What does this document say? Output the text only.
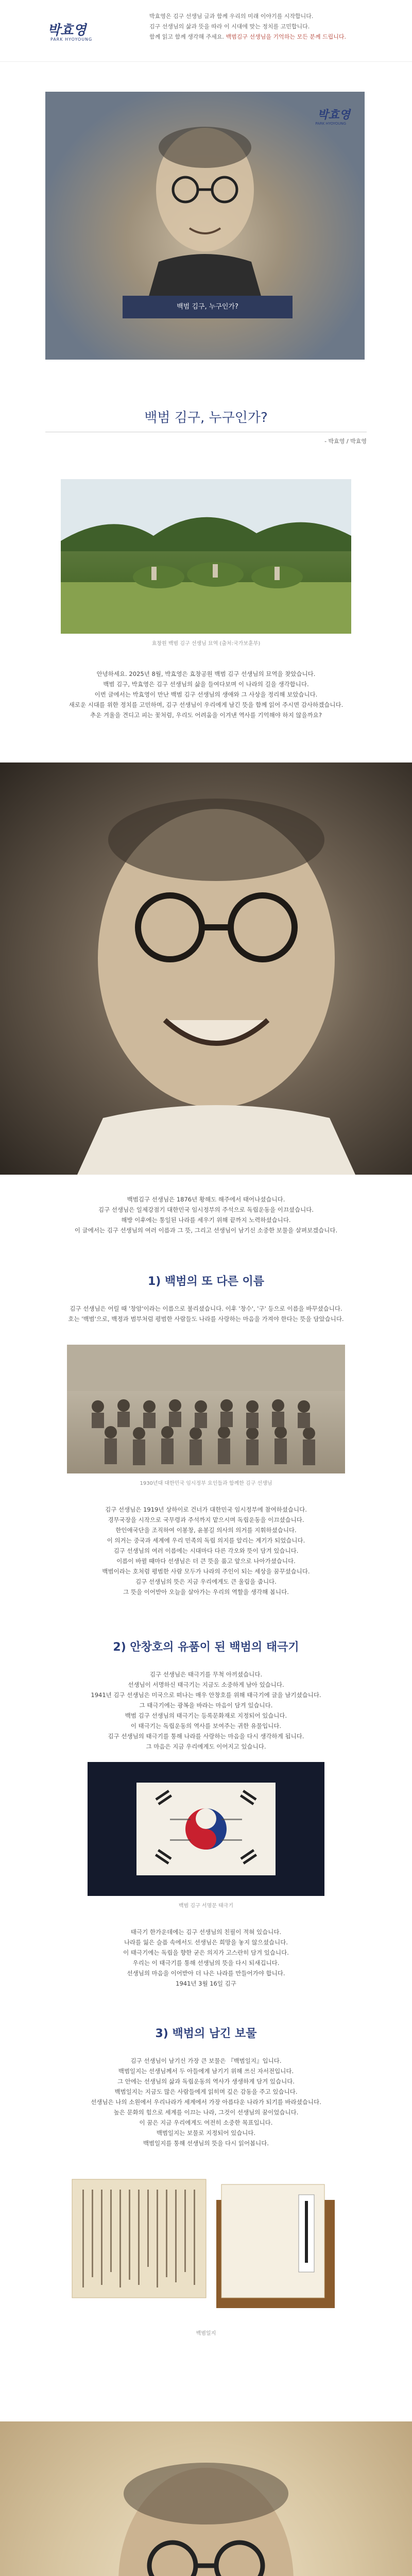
박효영
PARK HYOYOUNG
박효영은 김구 선생님 글과 함께 우리의 미래 이야기를 시작합니다.
김구 선생님의 삶과 뜻을 따라 이 시대에 맞는 정치를 고민합니다.
함께 읽고 함께 생각해 주세요. 백범김구 선생님을 기억하는 모든 분께 드립니다.
박효영
PARK HYOYOUNG
백범 김구, 누구인가?
백범 김구, 누구인가?
- 박효영 / 박효영
효창원 백범 김구 선생님 묘역 (출처:국가보훈부)

안녕하세요. 2025년 8월, 박효영은 효창공원 백범 김구 선생님의 묘역을 찾았습니다.

백범 김구, 박효영은 김구 선생님의 삶을 들여다보며 이 나라의 길을 생각합니다.

이번 글에서는 박효영이 만난 백범 김구 선생님의 생애와 그 사상을 정리해 보았습니다.

새로운 시대를 위한 정치를 고민하며, 김구 선생님이 우리에게 남긴 뜻을 함께 읽어 주시면 감사하겠습니다.

추운 겨울을 견디고 피는 꽃처럼, 우리도 어려움을 이겨낸 역사를 기억해야 하지 않을까요?

백범김구 선생님은 1876년 황해도 해주에서 태어나셨습니다.

김구 선생님은 일제강점기 대한민국 임시정부의 주석으로 독립운동을 이끄셨습니다.

해방 이후에는 통일된 나라를 세우기 위해 끝까지 노력하셨습니다.

이 글에서는 김구 선생님의 여러 이름과 그 뜻, 그리고 선생님이 남기신 소중한 보물을 살펴보겠습니다.

1) 백범의 또 다른 이름

김구 선생님은 어릴 때 '창암'이라는 이름으로 불리셨습니다. 이후 '창수', '구' 등으로 이름을 바꾸셨습니다.

호는 '백범'으로, 백정과 범부처럼 평범한 사람들도 나라를 사랑하는 마음을 가져야 한다는 뜻을 담았습니다.

1930년대 대한민국 임시정부 요인들과 함께한 김구 선생님

김구 선생님은 1919년 상하이로 건너가 대한민국 임시정부에 참여하셨습니다.

경무국장을 시작으로 국무령과 주석까지 맡으시며 독립운동을 이끄셨습니다.

한인애국단을 조직하여 이봉창, 윤봉길 의사의 의거를 지휘하셨습니다.

이 의거는 중국과 세계에 우리 민족의 독립 의지를 알리는 계기가 되었습니다.

김구 선생님의 여러 이름에는 시대마다 다른 각오와 뜻이 담겨 있습니다.

이름이 바뀔 때마다 선생님은 더 큰 뜻을 품고 앞으로 나아가셨습니다.

백범이라는 호처럼 평범한 사람 모두가 나라의 주인이 되는 세상을 꿈꾸셨습니다.

김구 선생님의 뜻은 지금 우리에게도 큰 울림을 줍니다.

그 뜻을 이어받아 오늘을 살아가는 우리의 역할을 생각해 봅니다.

2) 안창호의 유품이 된 백범의 태극기

김구 선생님은 태극기를 무척 아끼셨습니다.

선생님이 서명하신 태극기는 지금도 소중하게 남아 있습니다.

1941년 김구 선생님은 미국으로 떠나는 매우 안창호를 위해 태극기에 글을 남기셨습니다.

그 태극기에는 광복을 바라는 마음이 담겨 있습니다.

백범 김구 선생님의 태극기는 등록문화재로 지정되어 있습니다.

이 태극기는 독립운동의 역사를 보여주는 귀한 유물입니다.

김구 선생님의 태극기를 통해 나라를 사랑하는 마음을 다시 생각하게 됩니다.

그 마음은 지금 우리에게도 이어지고 있습니다.

백범 김구 서명문 태극기

태극기 한가운데에는 김구 선생님의 친필이 적혀 있습니다.

나라를 잃은 슬픔 속에서도 선생님은 희망을 놓지 않으셨습니다.

이 태극기에는 독립을 향한 굳은 의지가 고스란히 담겨 있습니다.

우리는 이 태극기를 통해 선생님의 뜻을 다시 되새깁니다.

선생님의 마음을 이어받아 더 나은 나라를 만들어가야 합니다.

1941년 3월 16일 김구

3) 백범의 남긴 보물

김구 선생님이 남기신 가장 큰 보물은 『백범일지』입니다.

백범일지는 선생님께서 두 아들에게 남기기 위해 쓰신 자서전입니다.

그 안에는 선생님의 삶과 독립운동의 역사가 생생하게 담겨 있습니다.

백범일지는 지금도 많은 사람들에게 읽히며 깊은 감동을 주고 있습니다.

선생님은 나의 소원에서 우리나라가 세계에서 가장 아름다운 나라가 되기를 바라셨습니다.

높은 문화의 힘으로 세계를 이끄는 나라, 그것이 선생님의 꿈이었습니다.

이 꿈은 지금 우리에게도 여전히 소중한 목표입니다.

백범일지는 보물로 지정되어 있습니다.

백범일지를 통해 선생님의 뜻을 다시 읽어봅니다.

백범일지
